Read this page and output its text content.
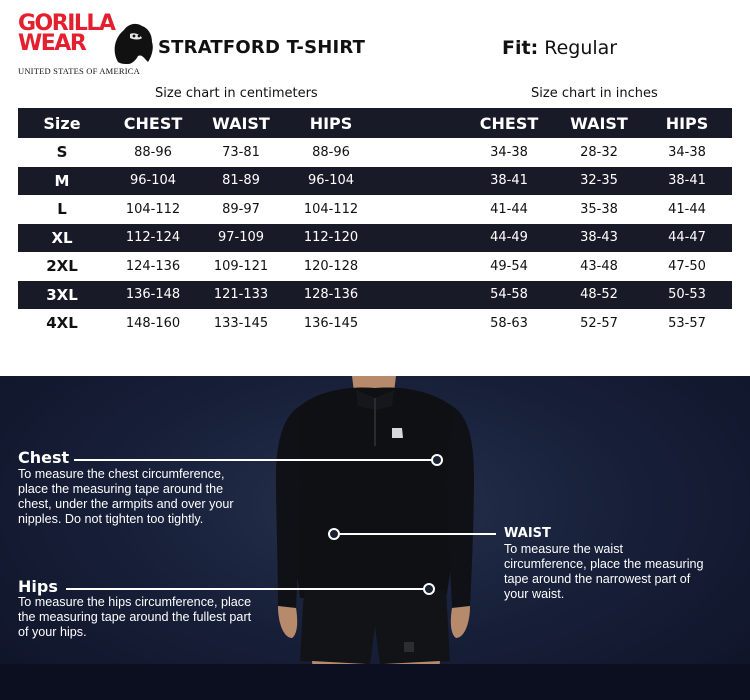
GORILLA
WEAR
UNITED STATES OF AMERICA
STRATFORD T-SHIRT	Fit: Regular
Size chart in centimeters	Size chart in inches
Size	CHEST	WAIST	HIPS	CHEST	WAIST	HIPS
S	88-96	73-81	88-96	34-38	28-32	34-38
M	96-104	81-89	96-104	38-41	32-35	38-41
L	104-112	89-97	104-112	41-44	35-38	41-44
XL	112-124	97-109	112-120	44-49	38-43	44-47
2XL	124-136	109-121	120-128	49-54	43-48	47-50
3XL	136-148	121-133	128-136	54-58	48-52	50-53
4XL	148-160	133-145	136-145	58-63	52-57	53-57
Chest
To measure the chest circumference, place the measuring tape around the chest, under the armpits and over your nipples. Do not tighten too tightly.
WAIST
To measure the waist circumference, place the measuring tape around the narrowest part of your waist.
Hips
To measure the hips circumference, place the measuring tape around the fullest part of your hips.
